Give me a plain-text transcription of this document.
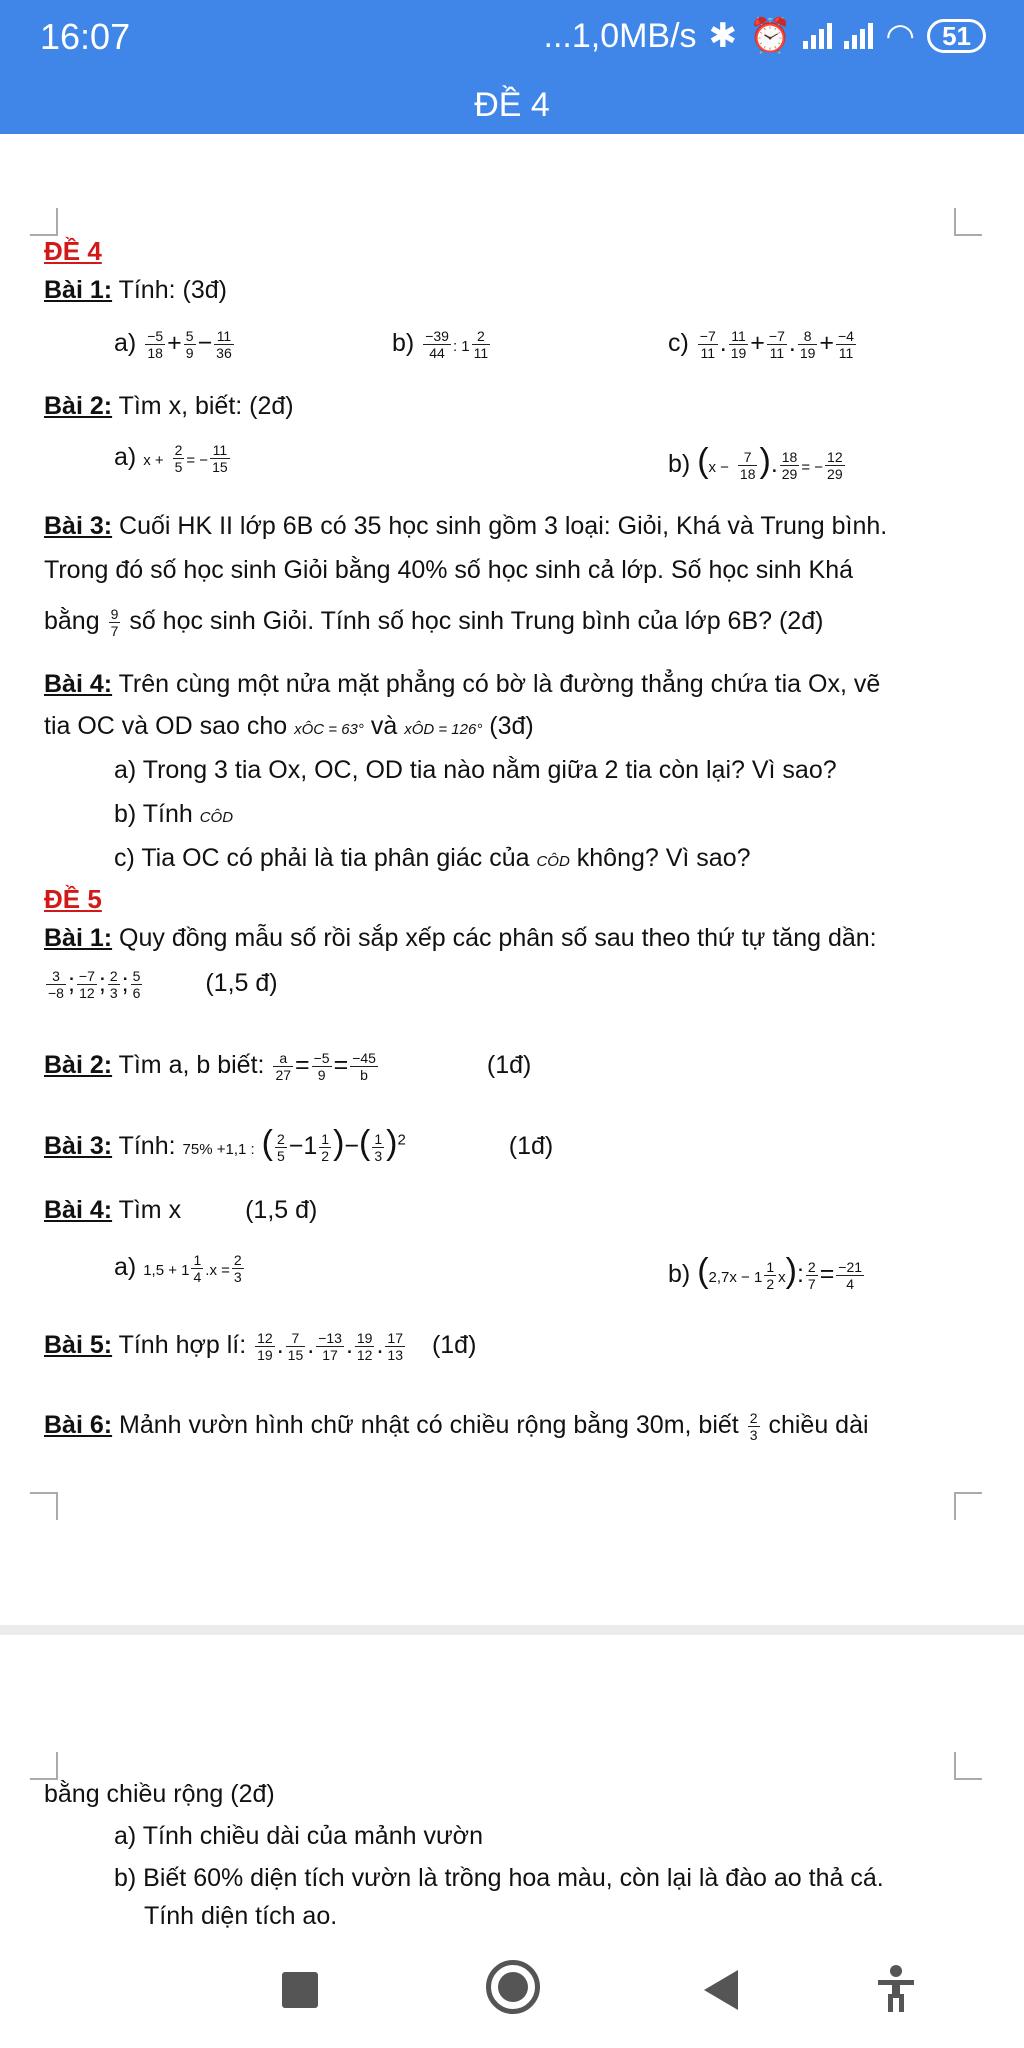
16:07	...1,0MB/s ✱ ⏰	◠	51
ĐỀ 4
ĐỀ 4
Bài 1: Tính: (3đ)
$a) \frac{-5}{18} + \frac{5}{9} - \frac{11}{36}$	$b) \frac{-39}{44}$ : $1 \frac{2}{11}$	$c) \frac{-7}{11}$ . $\frac{11}{19} + \frac{-7}{11}$ . $\frac{8}{19} + \frac{-4}{11}$
Bài 2: Tìm x, biết: (2đ)
a) $x + \frac{2}{5}$ = − $\frac{11}{15}$	b) ($x - \frac{7}{18}$ ). $\frac{18}{29}$ = − $\frac{12}{29}$
Bài 3: Cuối HK II lớp 6B có 35 học sinh gồm 3 loại: Giỏi, Khá và Trung bình.
Trong đó số học sinh Giỏi bằng 40% số học sinh cả lớp. Số học sinh Khá
bằng $\frac{9}{7}$ số học sinh Giỏi. Tính số học sinh Trung bình của lớp 6B? (2đ)
Bài 4: Trên cùng một nửa mặt phẳng có bờ là đường thẳng chứa tia Ox, vẽ
tia OC và OD sao cho xÔC = 63° và xÔD = 126° (3đ)
a) Trong 3 tia Ox, OC, OD tia nào nằm giữa 2 tia còn lại? Vì sao?
b) Tính CÔD
c) Tia OC có phải là tia phân giác của CÔD không? Vì sao?
ĐỀ 5
Bài 1: Quy đồng mẫu số rồi sắp xếp các phân số sau theo thứ tự tăng dần:
$\frac{3}{-8}$ ; $\frac{-7}{12}$ ; $\frac{2}{3}$ ; $\frac{5}{6}$	(1,5 đ)
Bài 2: Tìm a, b biết: $\frac{a}{27} = \frac{-5}{9} = \frac{-45}{b}$	(1đ)
Bài 3: Tính: 75% +1,1 : ( $\frac{2}{5} -1 \frac{1}{2}$ )−( $\frac{1}{3} )^2$	(1đ)
Bài 4: Tìm x	(1,5 đ)
a) $1,5 + 1 \frac{1}{4} .x = \frac{2}{3}$	b) $(2,7x - 1 \frac{1}{2} x)$: $\frac{2}{7} = \frac{-21}{4}$
Bài 5: Tính hợp lí: $\frac{12}{19}$ . $\frac{7}{15}$ . $\frac{-13}{17}$ . $\frac{19}{12}$ . $\frac{17}{13}$ (1đ)
Bài 6: Mảnh vườn hình chữ nhật có chiều rộng bằng 30m, biết $\frac{2}{3}$ chiều dài
bằng chiều rộng (2đ)
a) Tính chiều dài của mảnh vườn
b) Biết 60% diện tích vườn là trồng hoa màu, còn lại là đào ao thả cá.
Tính diện tích ao.
